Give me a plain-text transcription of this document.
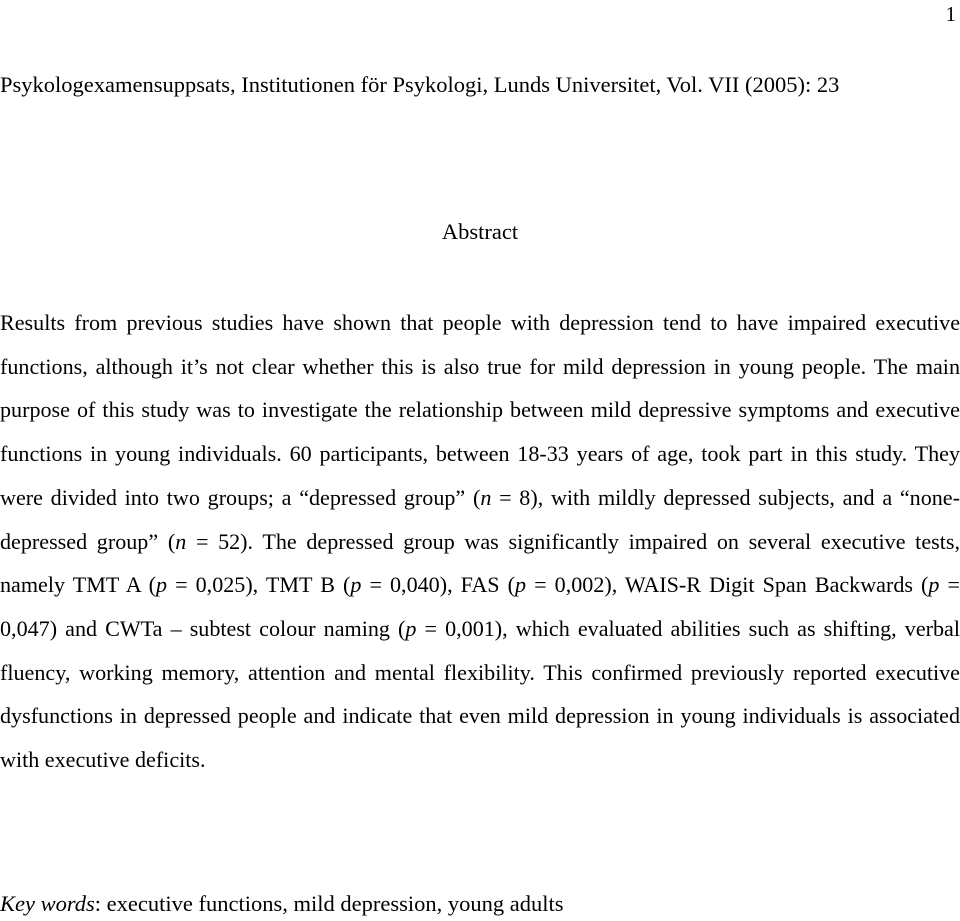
1
Psykologexamensuppsats, Institutionen för Psykologi, Lunds Universitet, Vol. VII (2005): 23
Abstract

Results from previous studies have shown that people with depression tend to have impaired executive functions, although it’s not clear whether this is also true for mild depression in young people. The main purpose of this study was to investigate the relationship between mild depressive symptoms and executive functions in young individuals. 60 participants, between 18-33 years of age, took part in this study. They were divided into two groups; a “depressed group” (n = 8), with mildly depressed subjects, and a “none-depressed group” (n = 52). The depressed group was significantly impaired on several executive tests, namely TMT A (p = 0,025), TMT B (p = 0,040), FAS (p = 0,002), WAIS-R Digit Span Backwards (p = 0,047) and CWTa – subtest colour naming (p = 0,001), which evaluated abilities such as shifting, verbal fluency, working memory, attention and mental flexibility. This confirmed previously reported executive dysfunctions in depressed people and indicate that even mild depression in young individuals is associated with executive deficits.

Key words: executive functions, mild depression, young adults
